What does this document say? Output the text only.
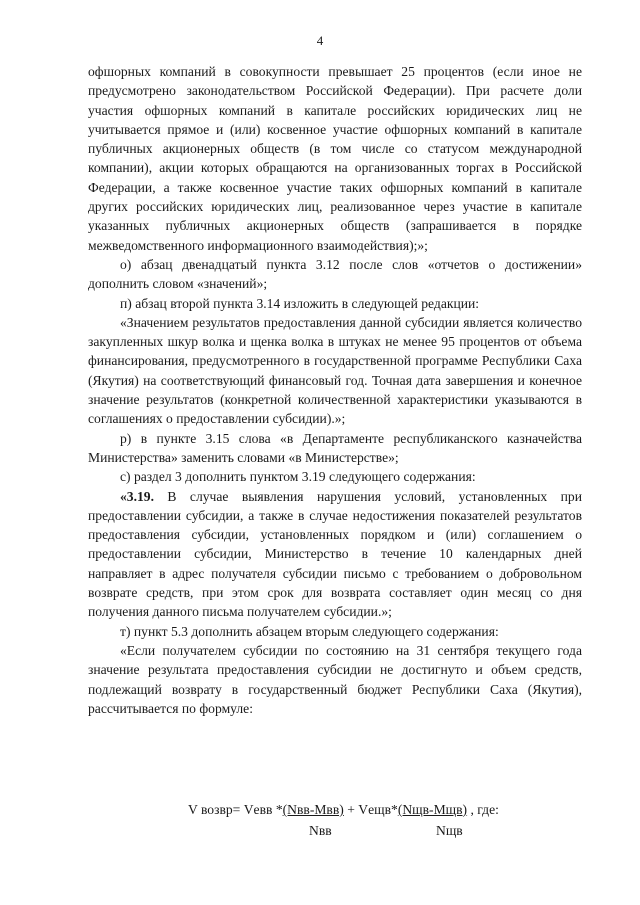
4

офшорных компаний в совокупности превышает 25 процентов (если иное не предусмотрено законодательством Российской Федерации). При расчете доли участия офшорных компаний в капитале российских юридических лиц не учитывается прямое и (или) косвенное участие офшорных компаний в капитале публичных акционерных обществ (в том числе со статусом международной компании), акции которых обращаются на организованных торгах в Российской Федерации, а также косвенное участие таких офшорных компаний в капитале других российских юридических лиц, реализованное через участие в капитале указанных публичных акционерных обществ (запрашивается в порядке межведомственного информационного взаимодействия);»;

о) абзац двенадцатый пункта 3.12 после слов «отчетов о достижении» дополнить словом «значений»;

п) абзац второй пункта 3.14 изложить в следующей редакции:

«Значением результатов предоставления данной субсидии является количество закупленных шкур волка и щенка волка в штуках не менее 95 процентов от объема финансирования, предусмотренного в государственной программе Республики Саха (Якутия) на соответствующий финансовый год. Точная дата завершения и конечное значение результатов (конкретной количественной характеристики указываются в соглашениях о предоставлении субсидии).»;

р) в пункте 3.15 слова «в Департаменте республиканского казначейства Министерства» заменить словами «в Министерстве»;

с) раздел 3 дополнить пунктом 3.19 следующего содержания:

«3.19. В случае выявления нарушения условий, установленных при предоставлении субсидии, а также в случае недостижения показателей результатов предоставления субсидии, установленных порядком и (или) соглашением о предоставлении субсидии, Министерство в течение 10 календарных дней направляет в адрес получателя субсидии письмо с требованием о добровольном возврате средств, при этом срок для возврата составляет один месяц со дня получения данного письма получателем субсидии.»;

т) пункт 5.3 дополнить абзацем вторым следующего содержания:

«Если получателем субсидии по состоянию на 31 сентября текущего года значение результата предоставления субсидии не достигнуто и объем средств, подлежащий возврату в государственный бюджет Республики Саха (Якутия), рассчитывается по формуле:

V возвр= Vевв *(Nвв-Мвв) + Vещв*(Nщв-Мщв) , где:
Nвв	Nщв
